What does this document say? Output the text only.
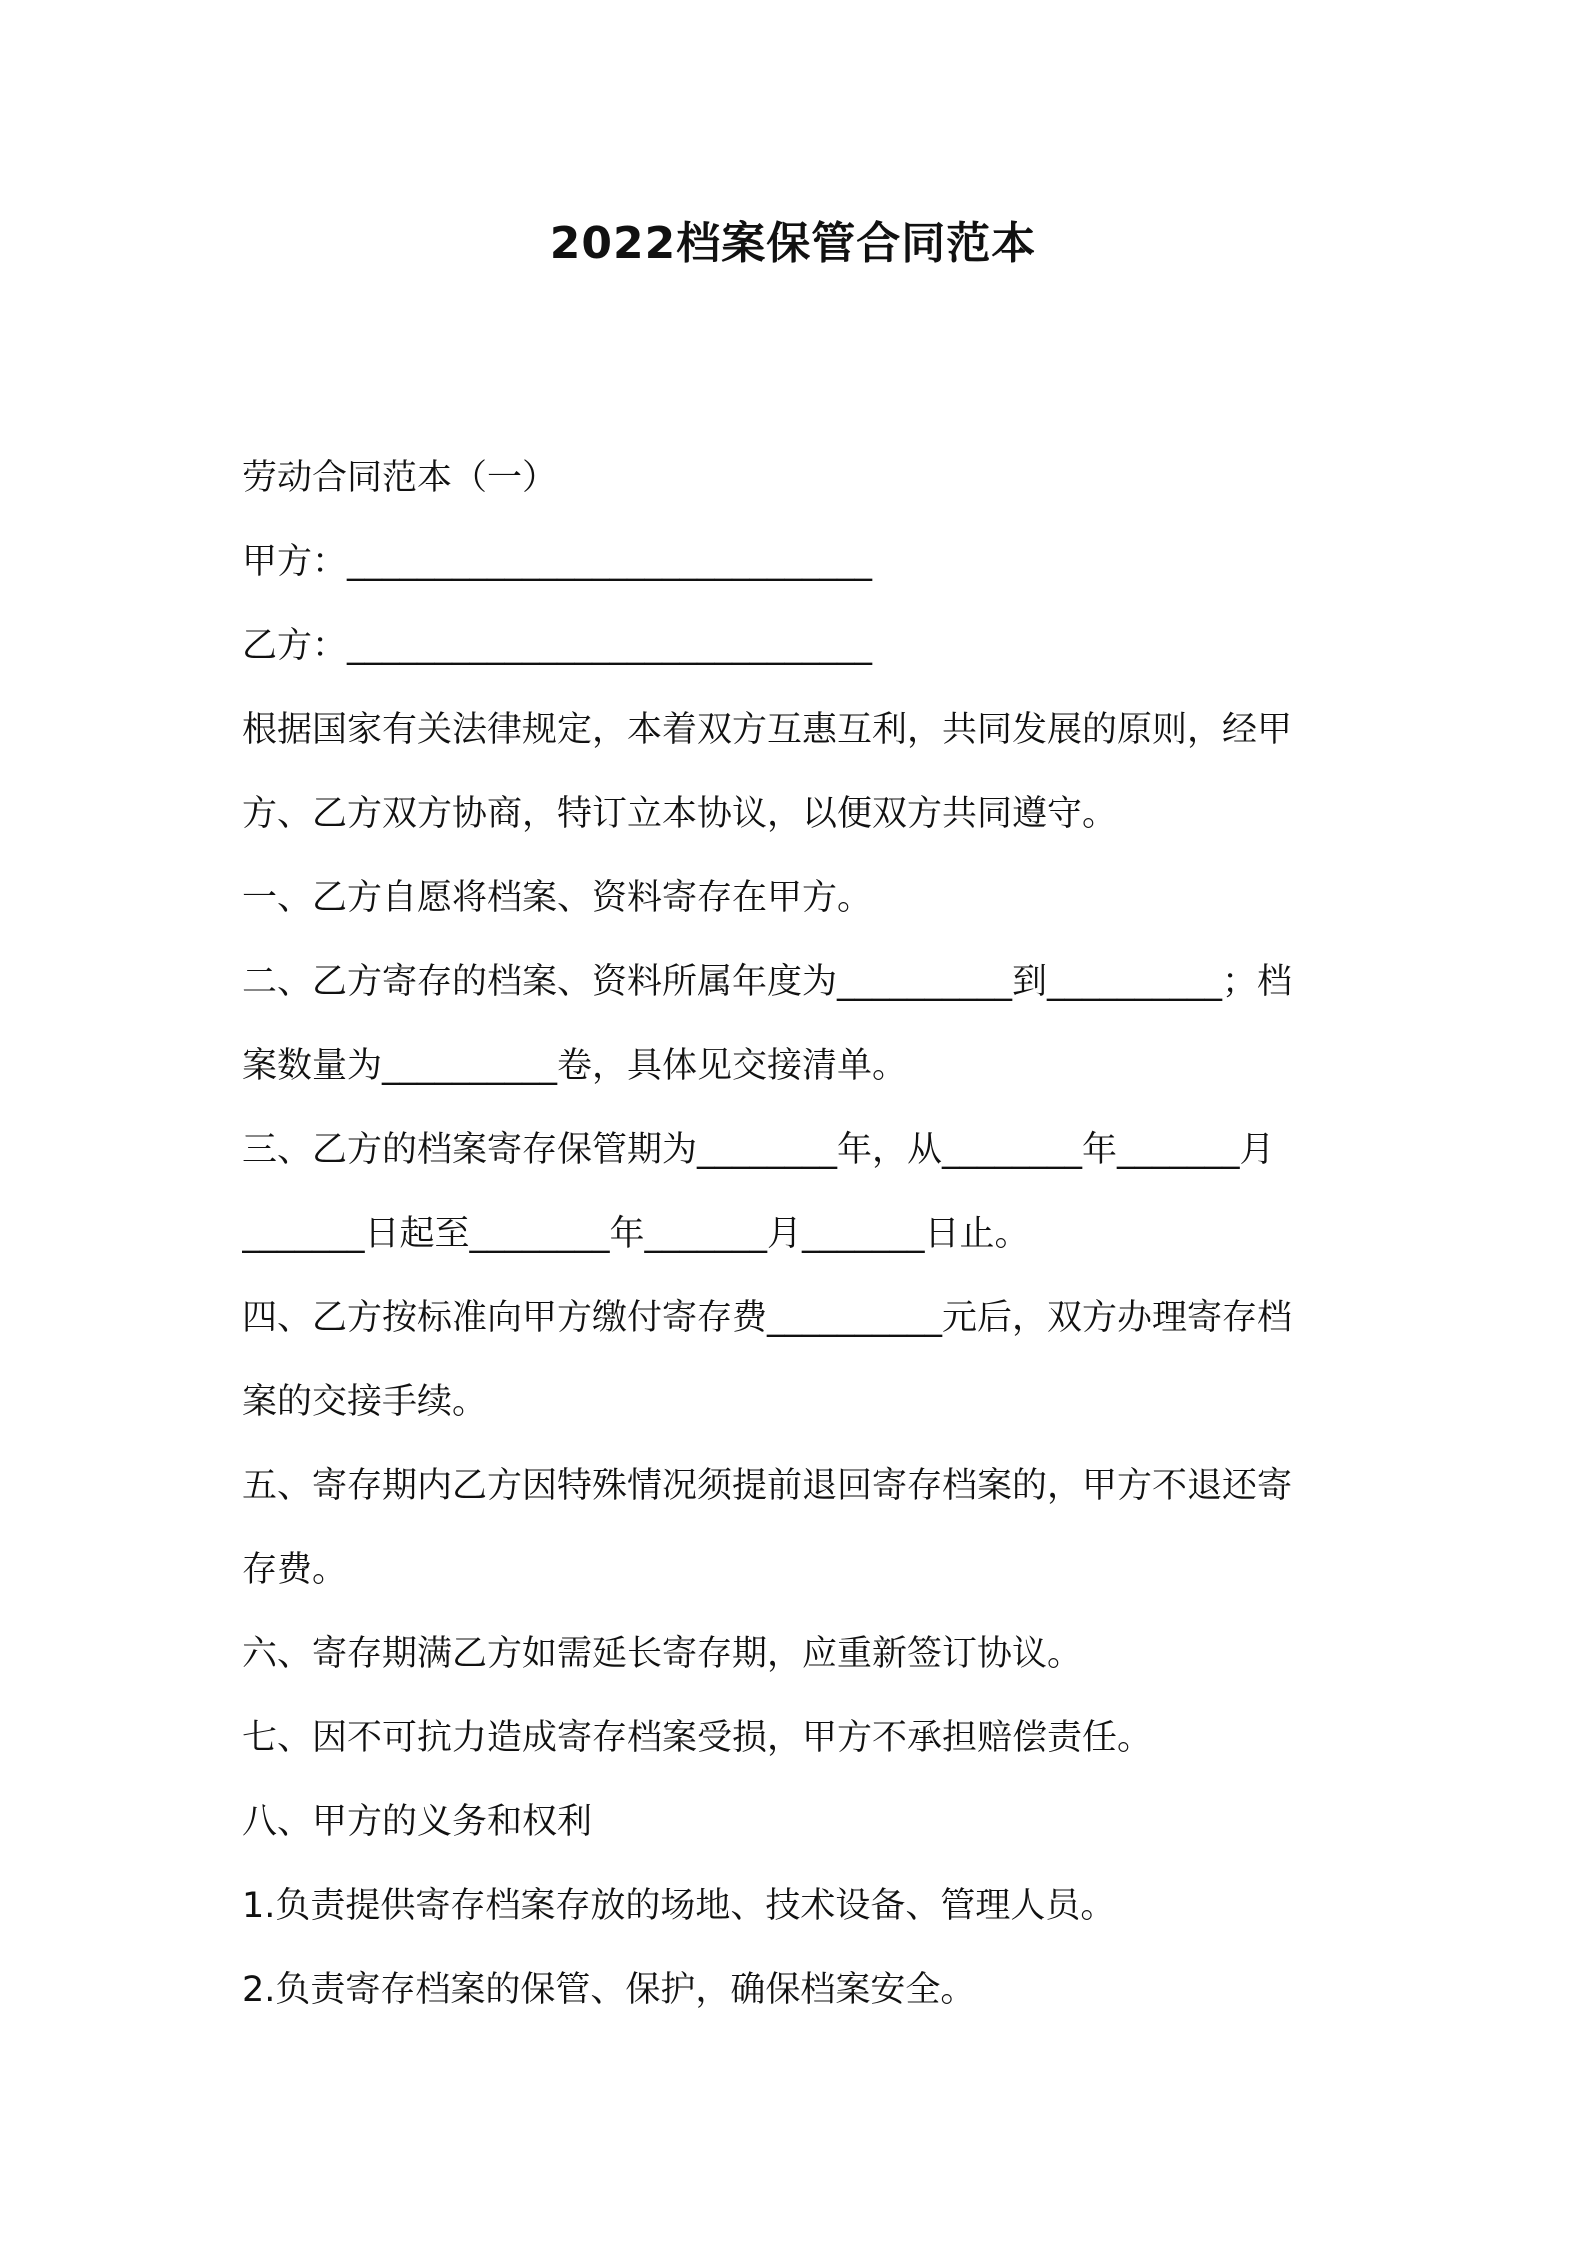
2022档案保管合同范本
劳动合同范本（一）
甲方：______________________________
乙方：______________________________
根据国家有关法律规定，本着双方互惠互利，共同发展的原则，经甲
方、乙方双方协商，特订立本协议，以便双方共同遵守。
一、乙方自愿将档案、资料寄存在甲方。
二、乙方寄存的档案、资料所属年度为__________到__________；档
案数量为__________卷，具体见交接清单。
三、乙方的档案寄存保管期为________年，从________年_______月
_______日起至________年_______月_______日止。
四、乙方按标准向甲方缴付寄存费__________元后，双方办理寄存档
案的交接手续。
五、寄存期内乙方因特殊情况须提前退回寄存档案的，甲方不退还寄
存费。
六、寄存期满乙方如需延长寄存期，应重新签订协议。
七、因不可抗力造成寄存档案受损，甲方不承担赔偿责任。
八、甲方的义务和权利
1.负责提供寄存档案存放的场地、技术设备、管理人员。
2.负责寄存档案的保管、保护，确保档案安全。
